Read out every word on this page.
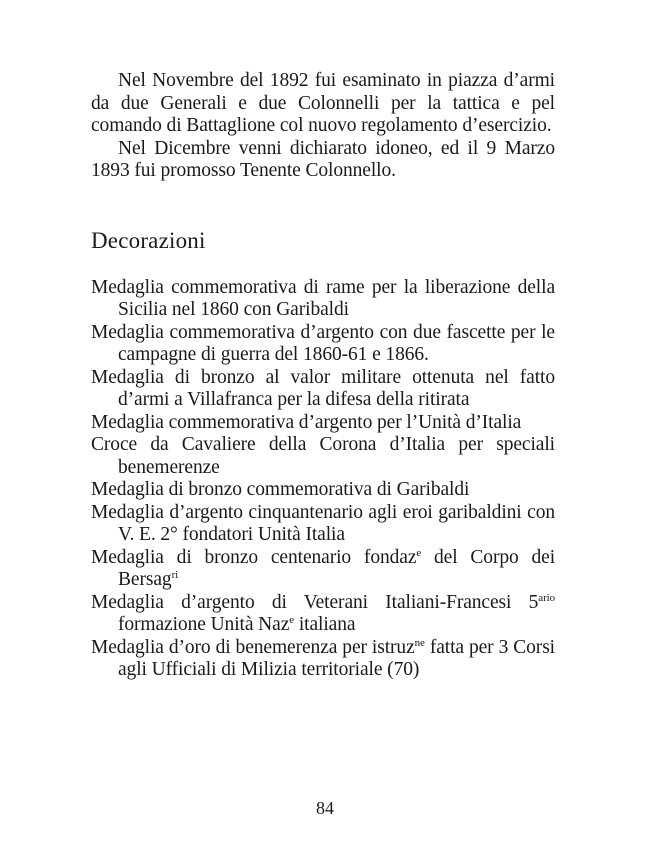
Nel Novembre del 1892 fui esaminato in piazza d’armi da due Generali e due Colonnelli per la tattica e pel comando di Battaglione col nuovo regolamento d’esercizio.

Nel Dicembre venni dichiarato idoneo, ed il 9 Marzo 1893 fui promosso Tenente Colonnello.

Decorazioni
Medaglia commemorativa di rame per la liberazione della Sicilia nel 1860 con Garibaldi
Medaglia commemorativa d’argento con due fascette per le campagne di guerra del 1860-61 e 1866.
Medaglia di bronzo al valor militare ottenuta nel fatto d’armi a Villafranca per la difesa della ritirata
Medaglia commemorativa d’argento per l’Unità d’Italia
Croce da Cavaliere della Corona d’Italia per speciali benemerenze
Medaglia di bronzo commemorativa di Garibaldi
Medaglia d’argento cinquantenario agli eroi garibaldini con V. E. 2° fondatori Unità Italia
Medaglia di bronzo centenario fondaz$^e$ del Corpo dei Bersag$^{ri}$
Medaglia d’argento di Veterani Italiani-Francesi $5^{ario}$ formazione Unità Naz$^e$ italiana
Medaglia d’oro di benemerenza per istruz$^{ne}$ fatta per 3 Corsi agli Ufficiali di Milizia territoriale (70)
84
